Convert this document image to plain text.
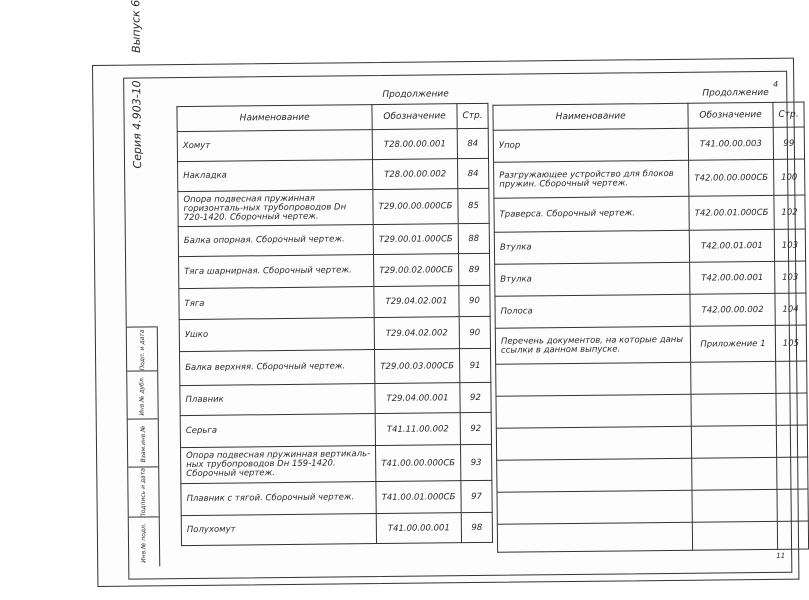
4
Серия 4.903-10 Выпуск 6
Подп. и дата
Инв.№ дубл.
Взам.инв.№
Подпись и дата
Инв.№ подл.
Продолжение	Продолжение
Наименование	Обозначение	Стр.
Хомут	Т28.00.00.001	84
Накладка	Т28.00.00.002	84
Опора подвесная пружинная горизонталь-ных трубопроводов Dн 720-1420. Сборочный чертеж.	Т29.00.00.000СБ	85
Балка опорная. Сборочный чертеж.	Т29.00.01.000СБ	88
Тяга шарнирная. Сборочный чертеж.	Т29.00.02.000СБ	89
Тяга	Т29.04.02.001	90
Ушко	Т29.04.02.002	90
Балка верхняя. Сборочный чертеж.	Т29.00.03.000СБ	91
Плавник	Т29.04.00.001	92
Серьга	Т41.11.00.002	92
Опора подвесная пружинная вертикаль-ных трубопроводов Dн 159-1420. Сборочный чертеж.	Т41.00.00.000СБ	93
Плавник с тягой. Сборочный чертеж.	Т41.00.01.000СБ	97
Полухомут	Т41.00.00.001	98
Наименование	Обозначение	Стр.
Упор	Т41.00.00.003	99
Разгружающее устройство для блоков пружин. Сборочный чертеж.	Т42.00.00.000СБ	100
Траверса. Сборочный чертеж.	Т42.00.01.000СБ	102
Втулка	Т42.00.01.001	103
Втулка	Т42.00.00.001	103
Полоса	Т42.00.00.002	104
Перечень документов, на которые даны ссылки в данном выпуске.	Приложение 1	105

11
